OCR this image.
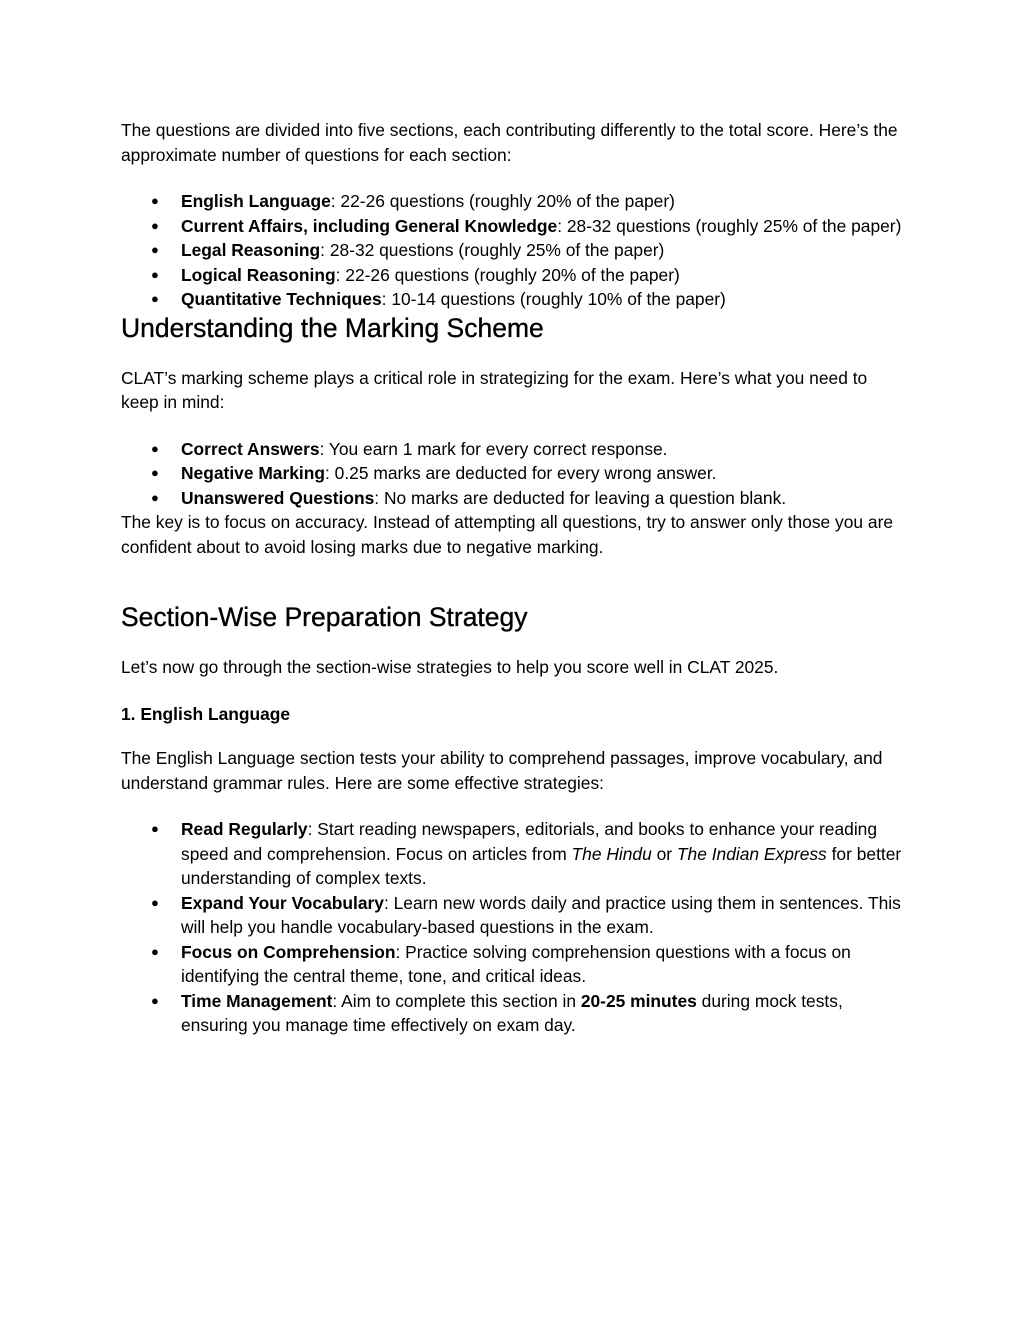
The questions are divided into five sections, each contributing differently to the total score. Here’s the approximate number of questions for each section:

● English Language: 22-26 questions (roughly 20% of the paper)
● Current Affairs, including General Knowledge: 28-32 questions (roughly 25% of the paper)
● Legal Reasoning: 28-32 questions (roughly 25% of the paper)
● Logical Reasoning: 22-26 questions (roughly 20% of the paper)
● Quantitative Techniques: 10-14 questions (roughly 10% of the paper)
Understanding the Marking Scheme

CLAT’s marking scheme plays a critical role in strategizing for the exam. Here’s what you need to keep in mind:

● Correct Answers: You earn 1 mark for every correct response.
● Negative Marking: 0.25 marks are deducted for every wrong answer.
● Unanswered Questions: No marks are deducted for leaving a question blank.

The key is to focus on accuracy. Instead of attempting all questions, try to answer only those you are confident about to avoid losing marks due to negative marking.

Section-Wise Preparation Strategy

Let’s now go through the section-wise strategies to help you score well in CLAT 2025.

1. English Language

The English Language section tests your ability to comprehend passages, improve vocabulary, and understand grammar rules. Here are some effective strategies:

● Read Regularly: Start reading newspapers, editorials, and books to enhance your reading speed and comprehension. Focus on articles from The Hindu or The Indian Express for better understanding of complex texts.
● Expand Your Vocabulary: Learn new words daily and practice using them in sentences. This will help you handle vocabulary-based questions in the exam.
● Focus on Comprehension: Practice solving comprehension questions with a focus on identifying the central theme, tone, and critical ideas.
● Time Management: Aim to complete this section in 20-25 minutes during mock tests, ensuring you manage time effectively on exam day.
